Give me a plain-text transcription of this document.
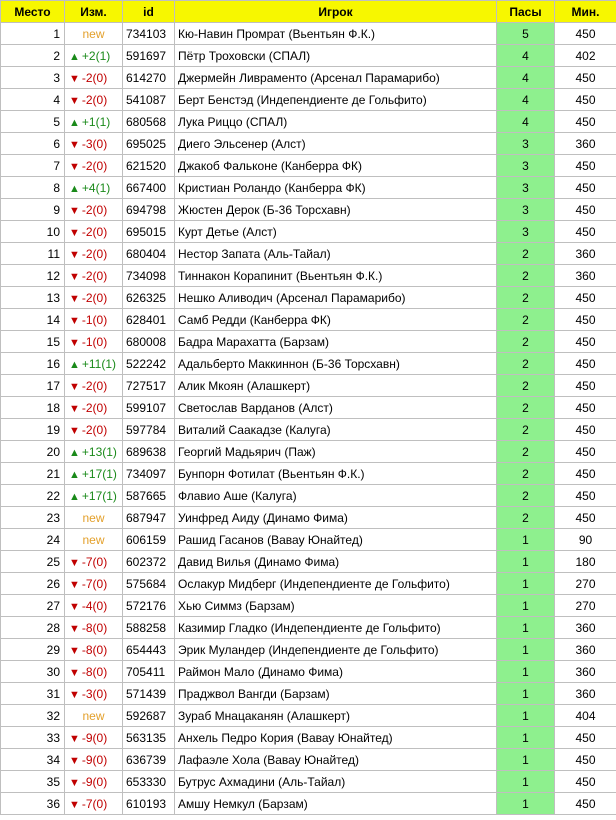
Место	Изм.	id	Игрок	Пасы	Мин.
1	new	734103	Кю-Навин Промрат (Вьентьян Ф.К.)	5	450
2	▲ +2(1)	591697	Пётр Троховски (СПАЛ)	4	402
3	▼ -2(0)	614270	Джермейн Ливраменто (Арсенал Парамарибо)	4	450
4	▼ -2(0)	541087	Берт Бенстэд (Индепендиенте де Гольфито)	4	450
5	▲ +1(1)	680568	Лука Риццо (СПАЛ)	4	450
6	▼ -3(0)	695025	Диего Эльсенер (Алст)	3	360
7	▼ -2(0)	621520	Джакоб Фальконе (Канберра ФК)	3	450
8	▲ +4(1)	667400	Кристиан Роландо (Канберра ФК)	3	450
9	▼ -2(0)	694798	Жюстен Дерок (Б-36 Торсхавн)	3	450
10	▼ -2(0)	695015	Курт Детье (Алст)	3	450
11	▼ -2(0)	680404	Нестор Запата (Аль-Тайал)	2	360
12	▼ -2(0)	734098	Тиннакон Корапинит (Вьентьян Ф.К.)	2	360
13	▼ -2(0)	626325	Нешко Аливодич (Арсенал Парамарибо)	2	450
14	▼ -1(0)	628401	Самб Редди (Канберра ФК)	2	450
15	▼ -1(0)	680008	Бадра Марахатта (Барзам)	2	450
16	▲ +11(1)	522242	Адальберто Маккиннон (Б-36 Торсхавн)	2	450
17	▼ -2(0)	727517	Алик Мкоян (Алашкерт)	2	450
18	▼ -2(0)	599107	Светослав Варданов (Алст)	2	450
19	▼ -2(0)	597784	Виталий Саакадзе (Калуга)	2	450
20	▲ +13(1)	689638	Георгий Мадьярич (Паж)	2	450
21	▲ +17(1)	734097	Бунпорн Фотилат (Вьентьян Ф.К.)	2	450
22	▲ +17(1)	587665	Флавио Аше (Калуга)	2	450
23	new	687947	Уинфред Аиду (Динамо Фима)	2	450
24	new	606159	Рашид Гасанов (Вавау Юнайтед)	1	90
25	▼ -7(0)	602372	Давид Вилья (Динамо Фима)	1	180
26	▼ -7(0)	575684	Ослакур Мидберг (Индепендиенте де Гольфито)	1	270
27	▼ -4(0)	572176	Хью Симмз (Барзам)	1	270
28	▼ -8(0)	588258	Казимир Гладко (Индепендиенте де Гольфито)	1	360
29	▼ -8(0)	654443	Эрик Муландер (Индепендиенте де Гольфито)	1	360
30	▼ -8(0)	705411	Раймон Мало (Динамо Фима)	1	360
31	▼ -3(0)	571439	Праджвол Вангди (Барзам)	1	360
32	new	592687	Зураб Мнацаканян (Алашкерт)	1	404
33	▼ -9(0)	563135	Анхель Педро Кория (Вавау Юнайтед)	1	450
34	▼ -9(0)	636739	Лафаэле Хола (Вавау Юнайтед)	1	450
35	▼ -9(0)	653330	Бутрус Ахмадини (Аль-Тайал)	1	450
36	▼ -7(0)	610193	Амшу Немкул (Барзам)	1	450
